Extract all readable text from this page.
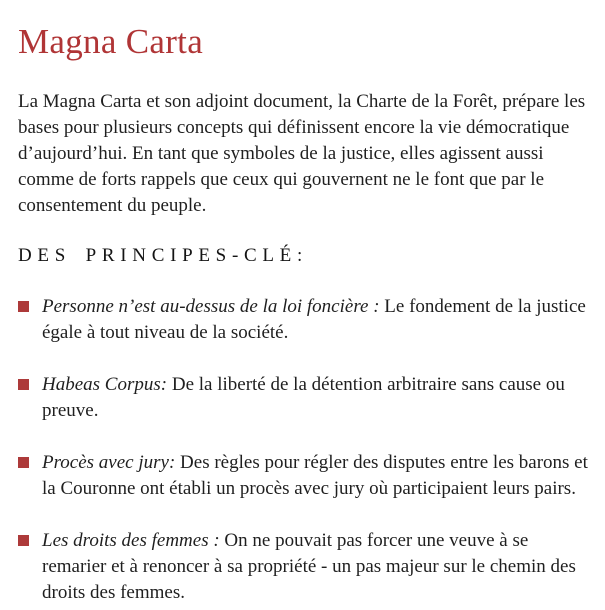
Magna Carta

La Magna Carta et son adjoint document, la Charte de la Forêt, prépare les bases pour plusieurs concepts qui définissent encore la vie démocratique d’aujourd’hui. En tant que symboles de la justice, elles agissent aussi comme de forts rappels que ceux qui gouvernent ne le font que par le consentement du peuple.

DES PRINCIPES-CLÉ:
Personne n’est au-dessus de la loi foncière : Le fondement de la justice égale à tout niveau de la société.
Habeas Corpus: De la liberté de la détention arbitraire sans cause ou preuve.
Procès avec jury: Des règles pour régler des disputes entre les barons et la Couronne ont établi un procès avec jury où participaient leurs pairs.
Les droits des femmes : On ne pouvait pas forcer une veuve à se remarier et à renoncer à sa propriété - un pas majeur sur le chemin des droits des femmes.
